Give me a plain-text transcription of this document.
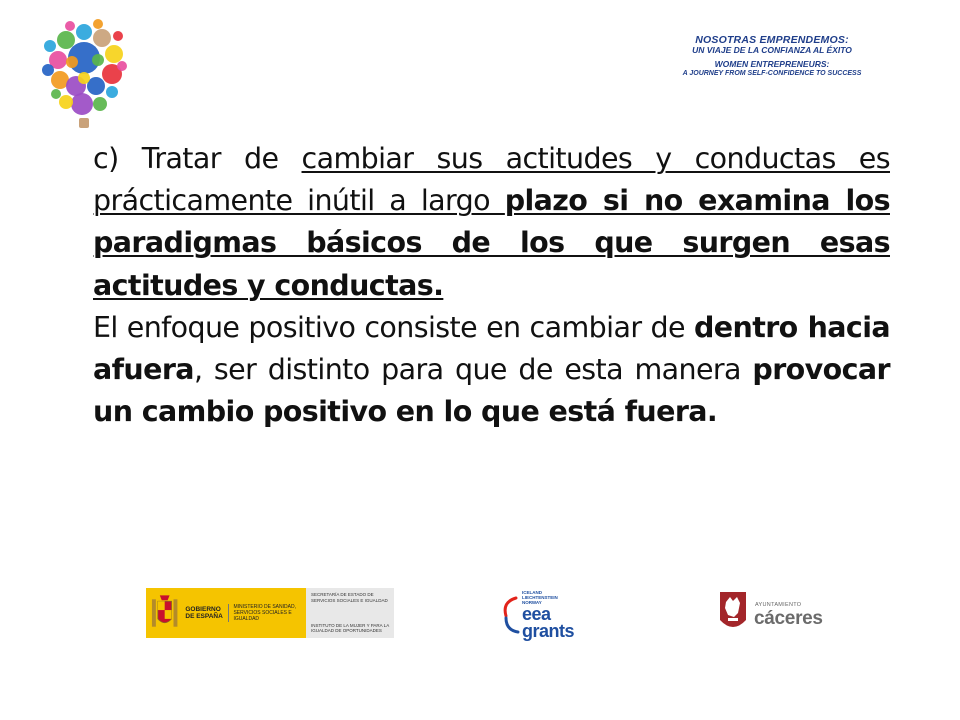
NOSOTRAS EMPRENDEMOS:
UN VIAJE DE LA CONFIANZA AL ÉXITO
WOMEN ENTREPRENEURS:
A JOURNEY FROM SELF-CONFIDENCE TO SUCCESS

c) Tratar de cambiar sus actitudes y conductas es prácticamente inútil a largo plazo si no examina los paradigmas básicos de los que surgen esas actitudes y conductas.

El enfoque positivo consiste en cambiar de dentro hacia afuera, ser distinto para que de esta manera provocar un cambio positivo en lo que está fuera.

GOBIERNO
DE ESPAÑA
MINISTERIO DE SANIDAD, SERVICIOS SOCIALES E IGUALDAD
SECRETARÍA DE ESTADO DE SERVICIOS SOCIALES E IGUALDAD
INSTITUTO DE LA MUJER Y PARA LA IGUALDAD DE OPORTUNIDADES
ICELAND
LIECHTENSTEIN
NORWAY
eea
grants
AYUNTAMIENTO
cáceres
